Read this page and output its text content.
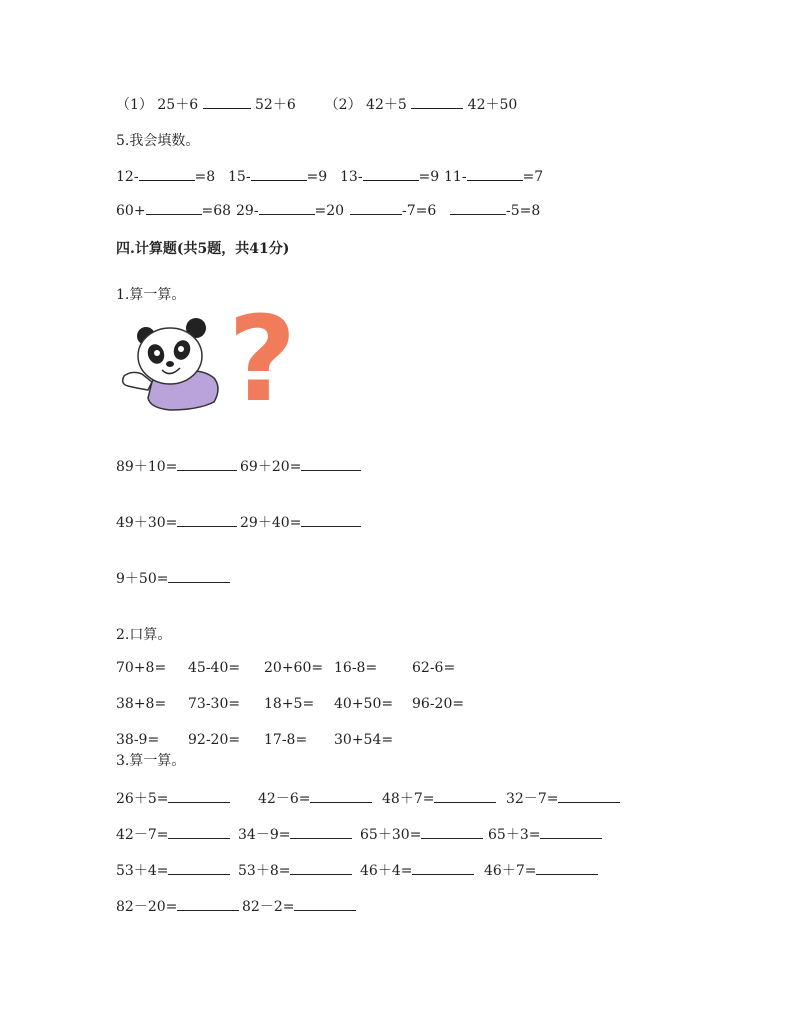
（1） 25＋6	52＋6 （2） 42＋5	42＋50
5.我会填数。
12-	=8 15-	=9 13-	=9 11-	=7
60+	=68 29-	=20	-7=6	-5=8
四.计算题(共5题，共41分)
1.算一算。 ?
89＋10=	69＋20=
49＋30=	29＋40=
9＋50=
2.口算。
70+8= 45-40= 20+60= 16-8= 62-6=
38+8= 73-30= 18+5= 40+50= 96-20=
38-9= 92-20= 17-8= 30+54=
3.算一算。
26＋5=	42－6=	48＋7=	32－7=
42－7=	34－9=	65＋30=	65＋3=
53＋4=	53＋8=	46＋4=	46＋7=
82－20=	82－2=
